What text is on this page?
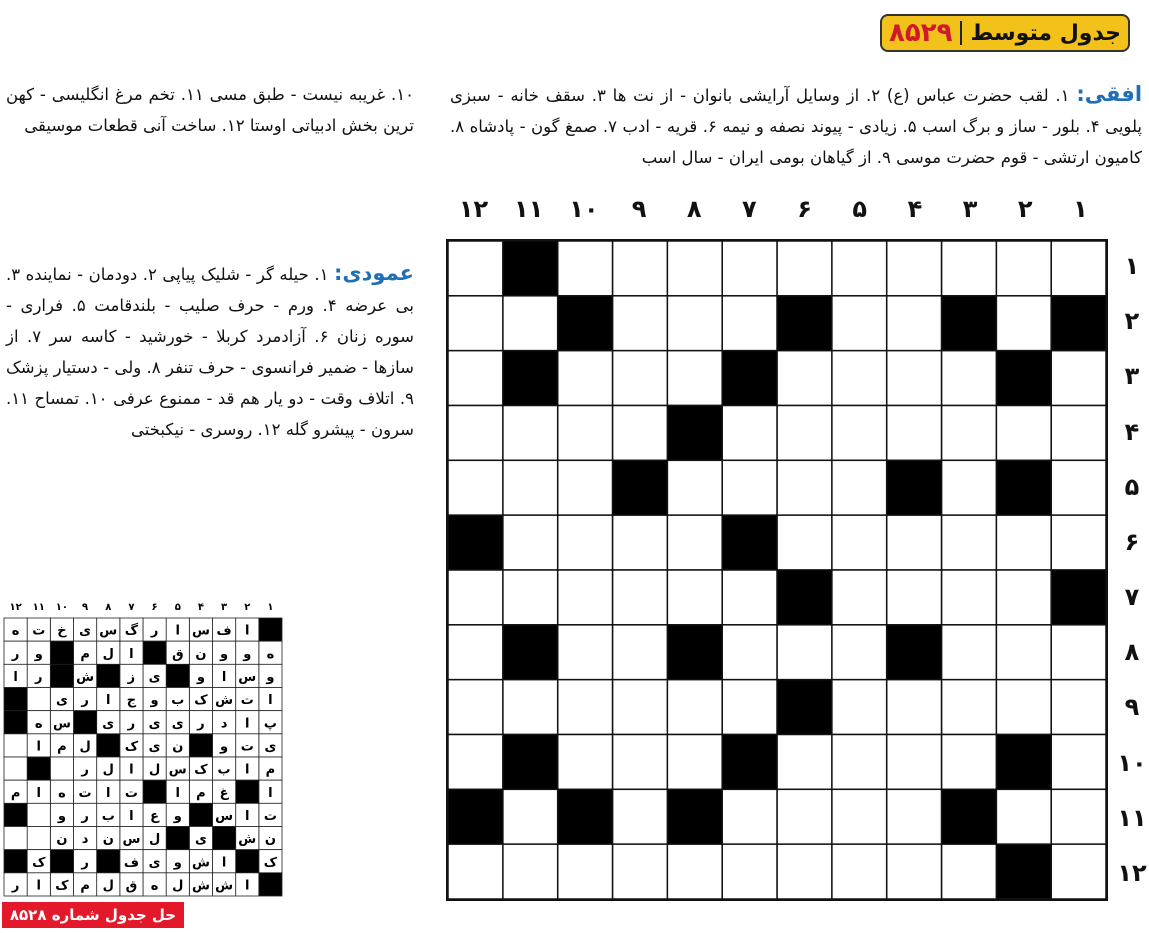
جدول متوسط
۸۵۲۹
افقی: ۱. لقب حضرت عباس (ع) ۲. از وسایل آرایشی بانوان - از نت ها ۳. سقف خانه - سبزی پلویی ۴. بلور - ساز و برگ اسب ۵. زیادی - پیوند نصفه و نیمه ۶. قریه - ادب ۷. صمغ گون - پادشاه ۸. کامیون ارتشی - قوم حضرت موسی ۹. از گیاهان بومی ایران - سال اسب
۱۰. غریبه نیست - طبق مسی ۱۱. تخم مرغ انگلیسی - کهن ترین بخش ادبیاتی اوستا ۱۲. ساخت آنی قطعات موسیقی
عمودی: ۱. حیله گر - شلیک پیاپی ۲. دودمان - نماینده ۳. بی عرضه ۴. ورم - حرف صلیب - بلندقامت ۵. فراری - سوره زنان ۶. آزادمرد کربلا - خورشید - کاسه سر ۷. از سازها - ضمیر فرانسوی - حرف تنفر ۸. ولی - دستیار پزشک ۹. اتلاف وقت - دو یار هم قد - ممنوع عرفی ۱۰. تمساح ۱۱. سرون - پیشرو گله ۱۲. روسری - نیکبختی
۱
۲
۳
۴
۵
۶
۷
۸
۹
۱۰
۱۱
۱۲
۱
۲
۳
۴
۵
۶
۷
۸
۹
۱۰
۱۱
۱۲
۱
۲
۳
۴
۵
۶
۷
۸
۹
۱۰
۱۱
۱۲
ا
ف
س
ا
ر
گ
س
ی
خ
ت
ه
ه
و
و
ن
ق
ا
ل
م
و
ر
و
س
ا
و
ی
ز
ش
ر
ا
ا
ت
ش
ک
ب
و
ج
ا
ر
ی
پ
ا
د
ر
ی
ی
ر
ی
س
ه
ی
ت
و
ن
ی
ک
ل
م
ا
م
ا
ب
ک
س
ل
ا
ل
ر
ا
غ
م
ا
ت
ا
ت
ه
ا
م
ت
ا
س
و
ع
ا
ب
ر
و
ن
ش
ی
ل
س
ن
د
ن
ک
ا
ش
و
ی
ف
ر
ک
ا
ش
ش
ل
ه
ق
ل
م
ک
ا
ر
حل جدول شماره ۸۵۲۸
